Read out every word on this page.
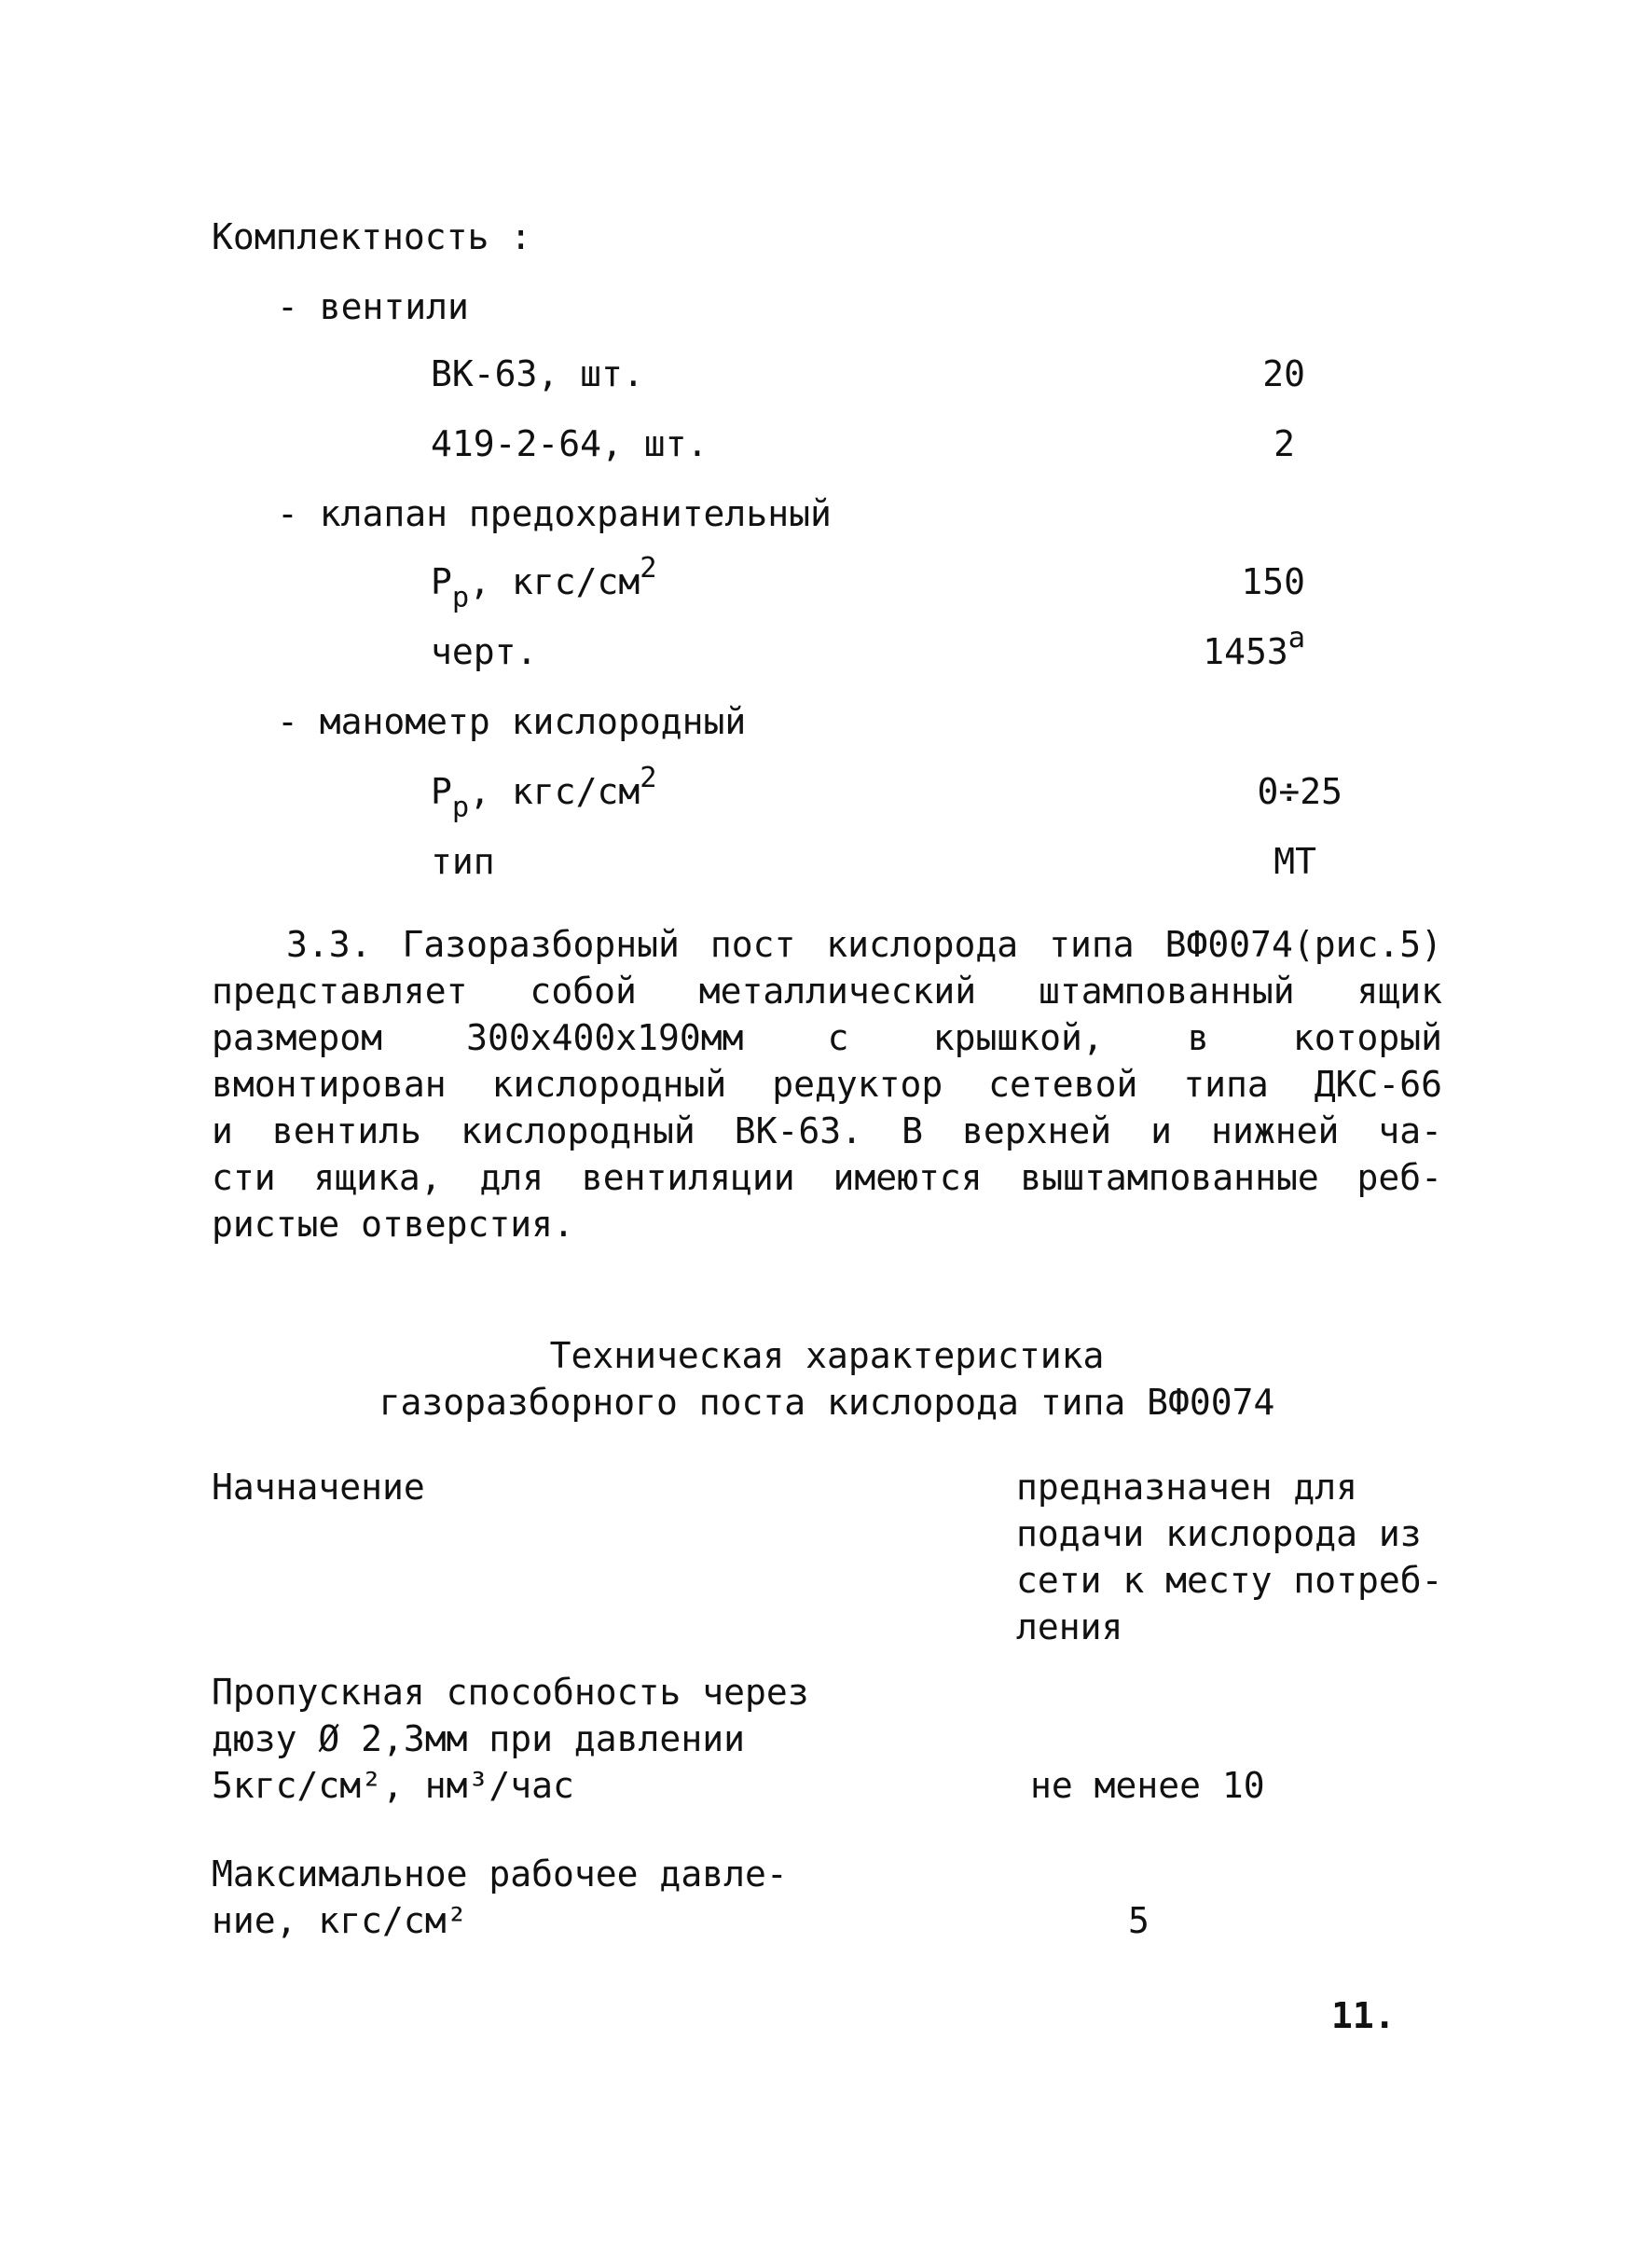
Комплектность :
- вентили
ВК-63, шт.	20
419-2-64, шт.	2
- клапан предохранительный
$P_p$, кгс/$см^2$	150
черт.	$1453^а$
- манометр кислородный
$P_p$, кгс/$см^2$	0÷25
тип	МТ
3.3. Газоразборный пост кислорода типа ВФ0074(рис.5)
представляет собой металлический штампованный ящик
размером 300х400х190мм с крышкой, в который
вмонтирован кислородный редуктор сетевой типа ДКС-66
и вентиль кислородный ВК-63. В верхней и нижней ча-
сти ящика, для вентиляции имеются выштампованные реб-
ристые отверстия.
Техническая характеристика
газоразборного поста кислорода типа ВФ0074
Начначение	предназначен для
подачи кислорода из
сети к месту потреб-
ления
Пропускная способность через
дюзу Ø 2,3мм при давлении
5кгс/см², нм³/час	не менее 10
Максимальное рабочее давле-
ние, кгс/см²	5
11.
